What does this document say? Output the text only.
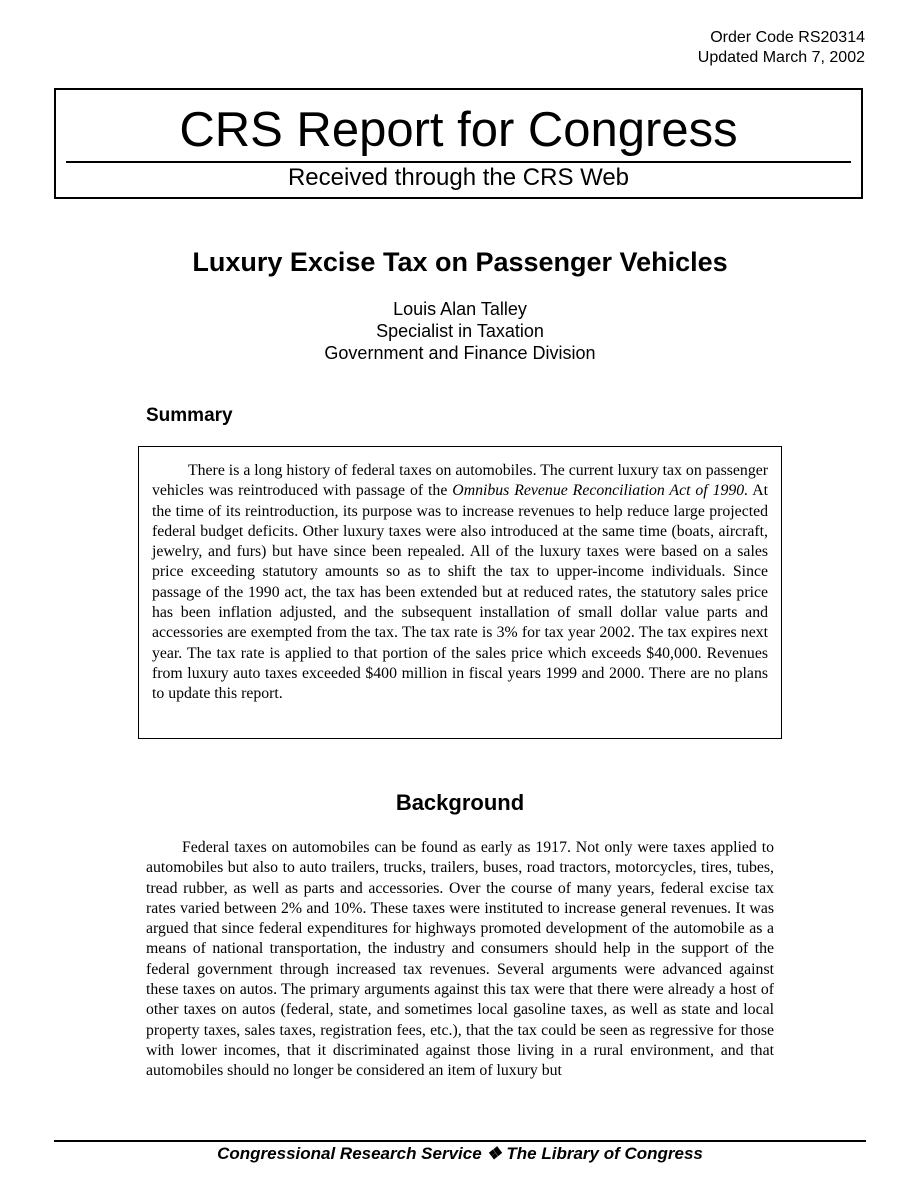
Order Code RS20314
Updated March 7, 2002
CRS Report for Congress
Received through the CRS Web
Luxury Excise Tax on Passenger Vehicles
Louis Alan Talley
Specialist in Taxation
Government and Finance Division
Summary

There is a long history of federal taxes on automobiles. The current luxury tax on passenger vehicles was reintroduced with passage of the Omnibus Revenue Reconciliation Act of 1990. At the time of its reintroduction, its purpose was to increase revenues to help reduce large projected federal budget deficits. Other luxury taxes were also introduced at the same time (boats, aircraft, jewelry, and furs) but have since been repealed. All of the luxury taxes were based on a sales price exceeding statutory amounts so as to shift the tax to upper-income individuals. Since passage of the 1990 act, the tax has been extended but at reduced rates, the statutory sales price has been inflation adjusted, and the subsequent installation of small dollar value parts and accessories are exempted from the tax. The tax rate is 3% for tax year 2002. The tax expires next year. The tax rate is applied to that portion of the sales price which exceeds $40,000. Revenues from luxury auto taxes exceeded $400 million in fiscal years 1999 and 2000. There are no plans to update this report.

Background

Federal taxes on automobiles can be found as early as 1917. Not only were taxes applied to automobiles but also to auto trailers, trucks, trailers, buses, road tractors, motorcycles, tires, tubes, tread rubber, as well as parts and accessories. Over the course of many years, federal excise tax rates varied between 2% and 10%. These taxes were instituted to increase general revenues. It was argued that since federal expenditures for highways promoted development of the automobile as a means of national transportation, the industry and consumers should help in the support of the federal government through increased tax revenues. Several arguments were advanced against these taxes on autos. The primary arguments against this tax were that there were already a host of other taxes on autos (federal, state, and sometimes local gasoline taxes, as well as state and local property taxes, sales taxes, registration fees, etc.), that the tax could be seen as regressive for those with lower incomes, that it discriminated against those living in a rural environment, and that automobiles should no longer be considered an item of luxury but

Congressional Research Service ❖ The Library of Congress
